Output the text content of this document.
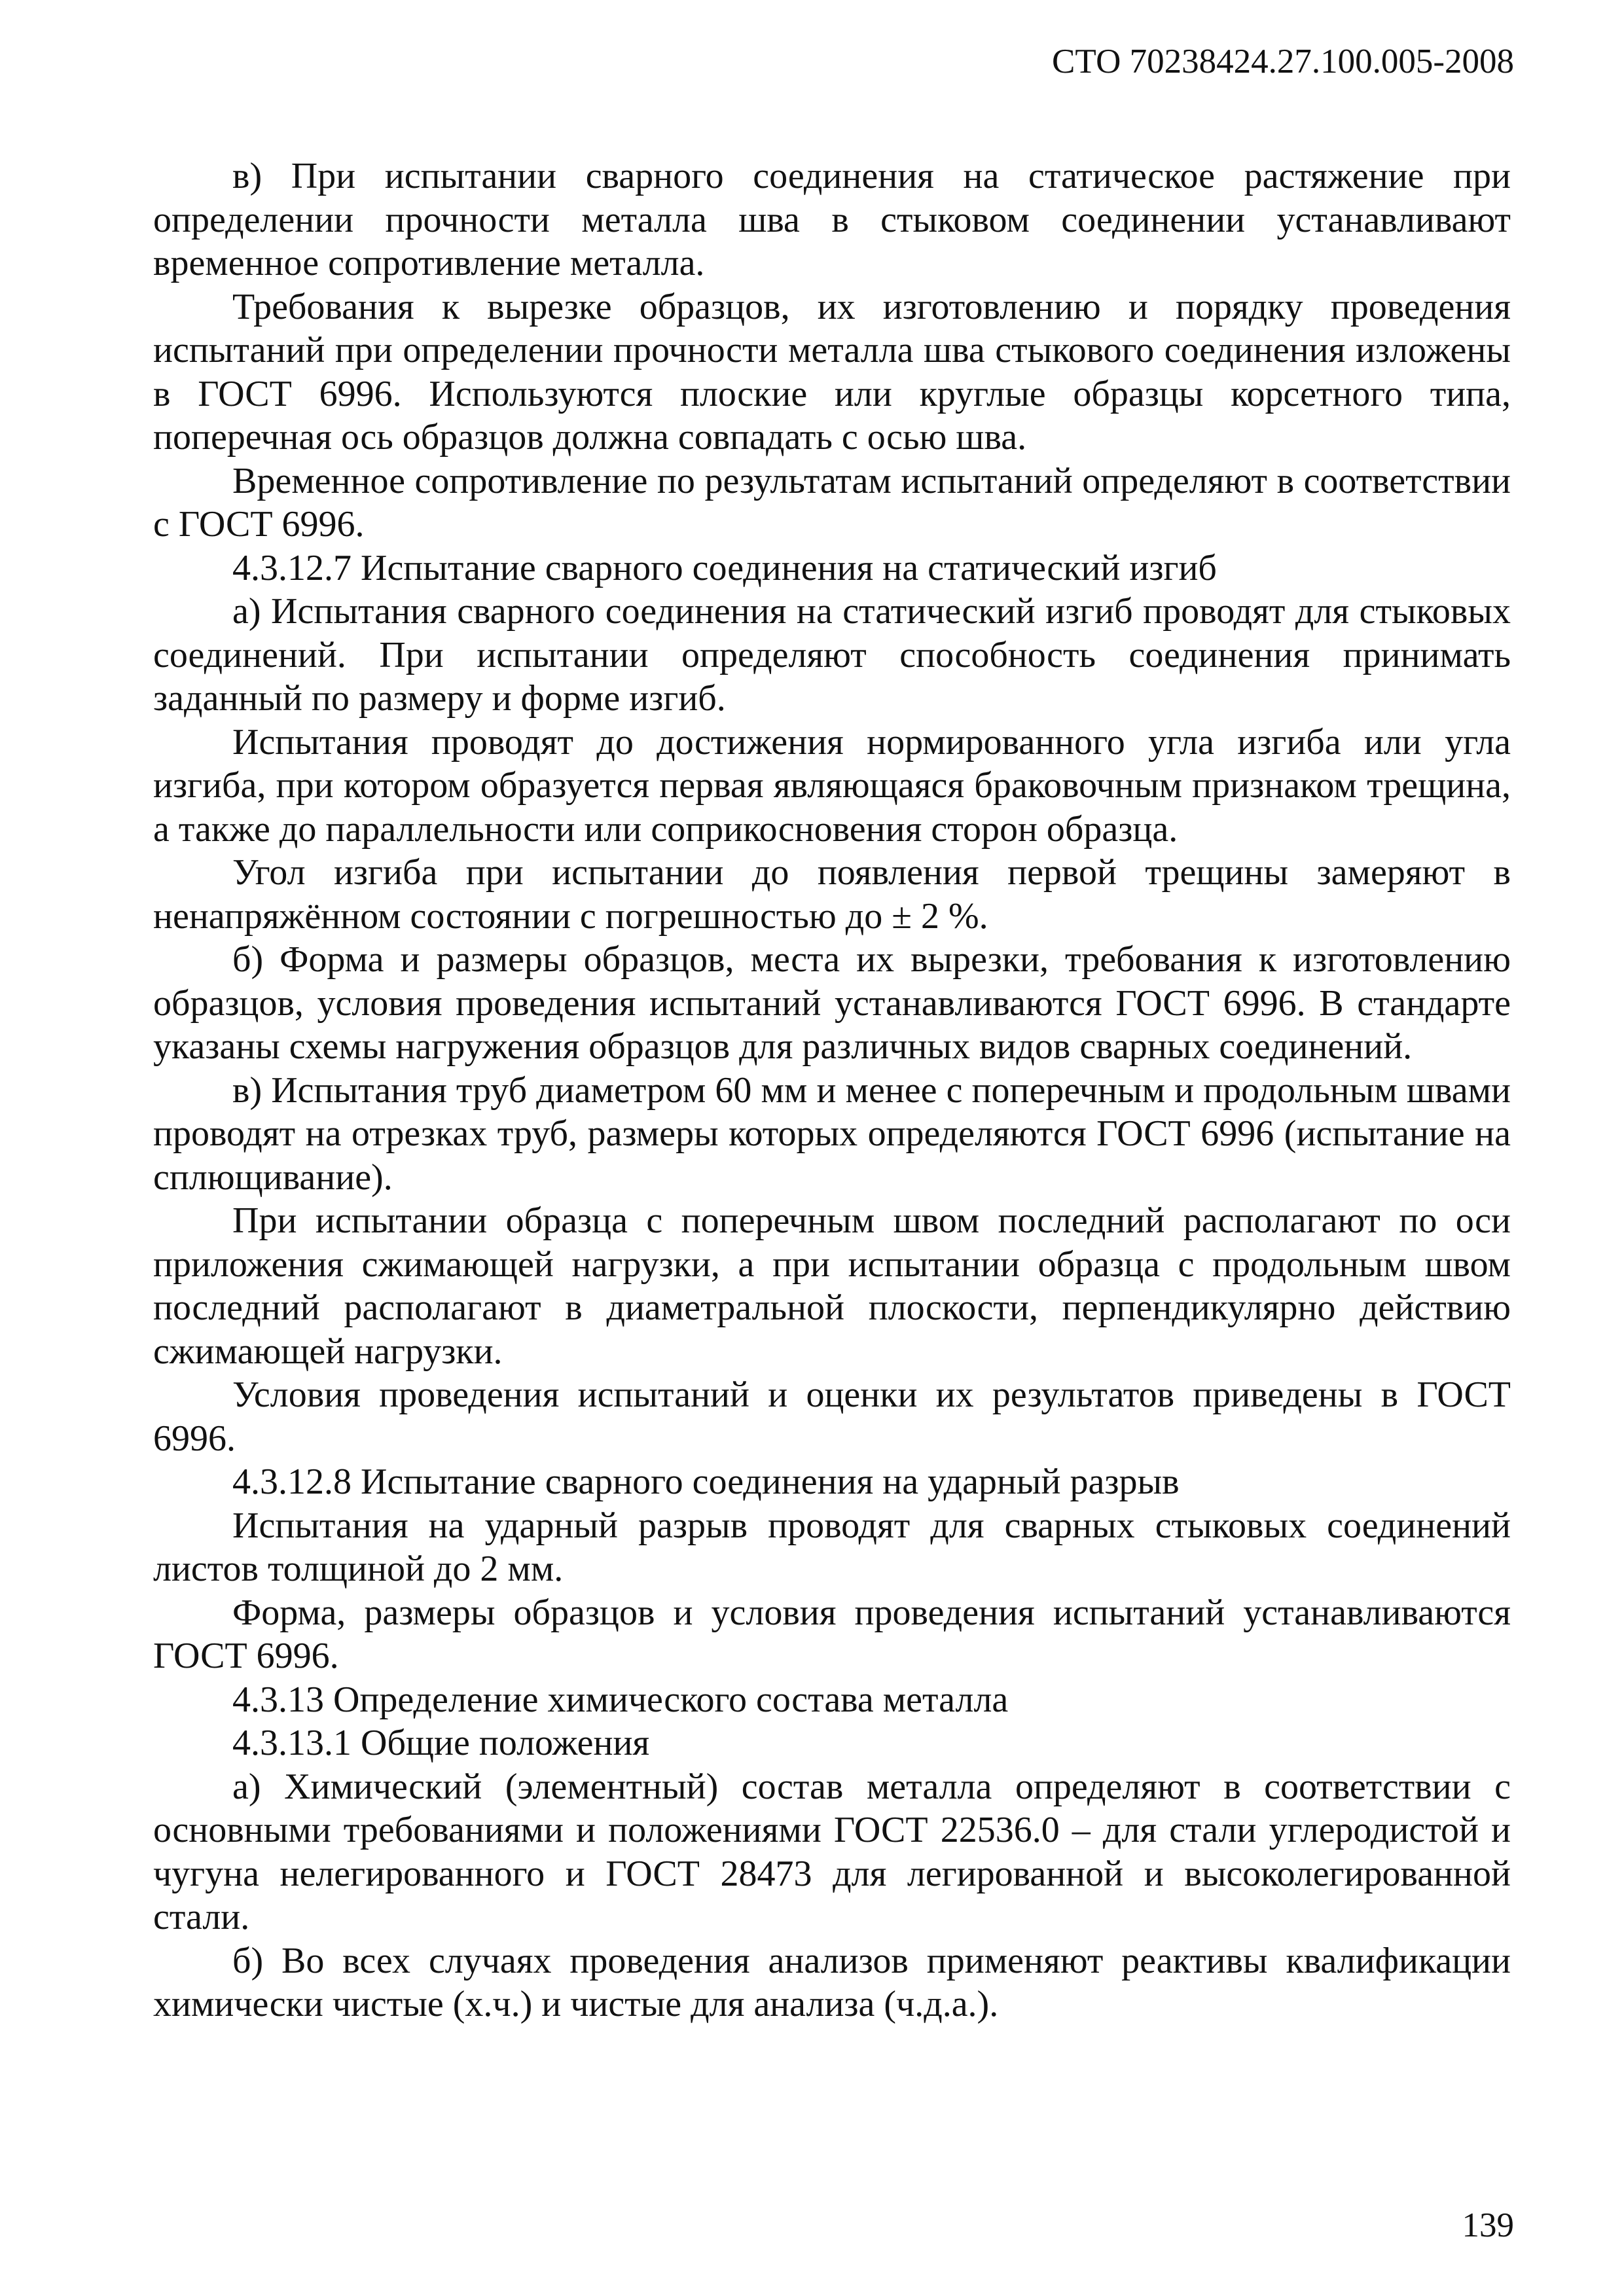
СТО 70238424.27.100.005-2008

в) При испытании сварного соединения на статическое растяжение при определении прочности металла шва в стыковом соединении устанавливают временное сопротивление металла.

Требования к вырезке образцов, их изготовлению и порядку проведения испытаний при определении прочности металла шва стыкового соединения изложены в ГОСТ 6996. Используются плоские или круглые образцы корсетного типа, поперечная ось образцов должна совпадать с осью шва.

Временное сопротивление по результатам испытаний определяют в соответствии с ГОСТ 6996.

4.3.12.7 Испытание сварного соединения на статический изгиб

а) Испытания сварного соединения на статический изгиб проводят для стыковых соединений. При испытании определяют способность соединения принимать заданный по размеру и форме изгиб.

Испытания проводят до достижения нормированного угла изгиба или угла изгиба, при котором образуется первая являющаяся браковочным признаком трещина, а также до параллельности или соприкосновения сторон образца.

Угол изгиба при испытании до появления первой трещины замеряют в ненапряжённом состоянии с погрешностью до ± 2 %.

б) Форма и размеры образцов, места их вырезки, требования к изготовлению образцов, условия проведения испытаний устанавливаются ГОСТ 6996. В стандарте указаны схемы нагружения образцов для различных видов сварных соединений.

в) Испытания труб диаметром 60 мм и менее с поперечным и продольным швами проводят на отрезках труб, размеры которых определяются ГОСТ 6996 (испытание на сплющивание).

При испытании образца с поперечным швом последний располагают по оси приложения сжимающей нагрузки, а при испытании образца с продольным швом последний располагают в диаметральной плоскости, перпендикулярно действию сжимающей нагрузки.

Условия проведения испытаний и оценки их результатов приведены в ГОСТ 6996.

4.3.12.8 Испытание сварного соединения на ударный разрыв

Испытания на ударный разрыв проводят для сварных стыковых соединений листов толщиной до 2 мм.

Форма, размеры образцов и условия проведения испытаний устанавливаются ГОСТ 6996.

4.3.13 Определение химического состава металла

4.3.13.1 Общие положения

а) Химический (элементный) состав металла определяют в соответствии с основными требованиями и положениями ГОСТ 22536.0 – для стали углеродистой и чугуна нелегированного и ГОСТ 28473 для легированной и высоколегированной стали.

б) Во всех случаях проведения анализов применяют реактивы квалификации химически чистые (х.ч.) и чистые для анализа (ч.д.а.).

139
